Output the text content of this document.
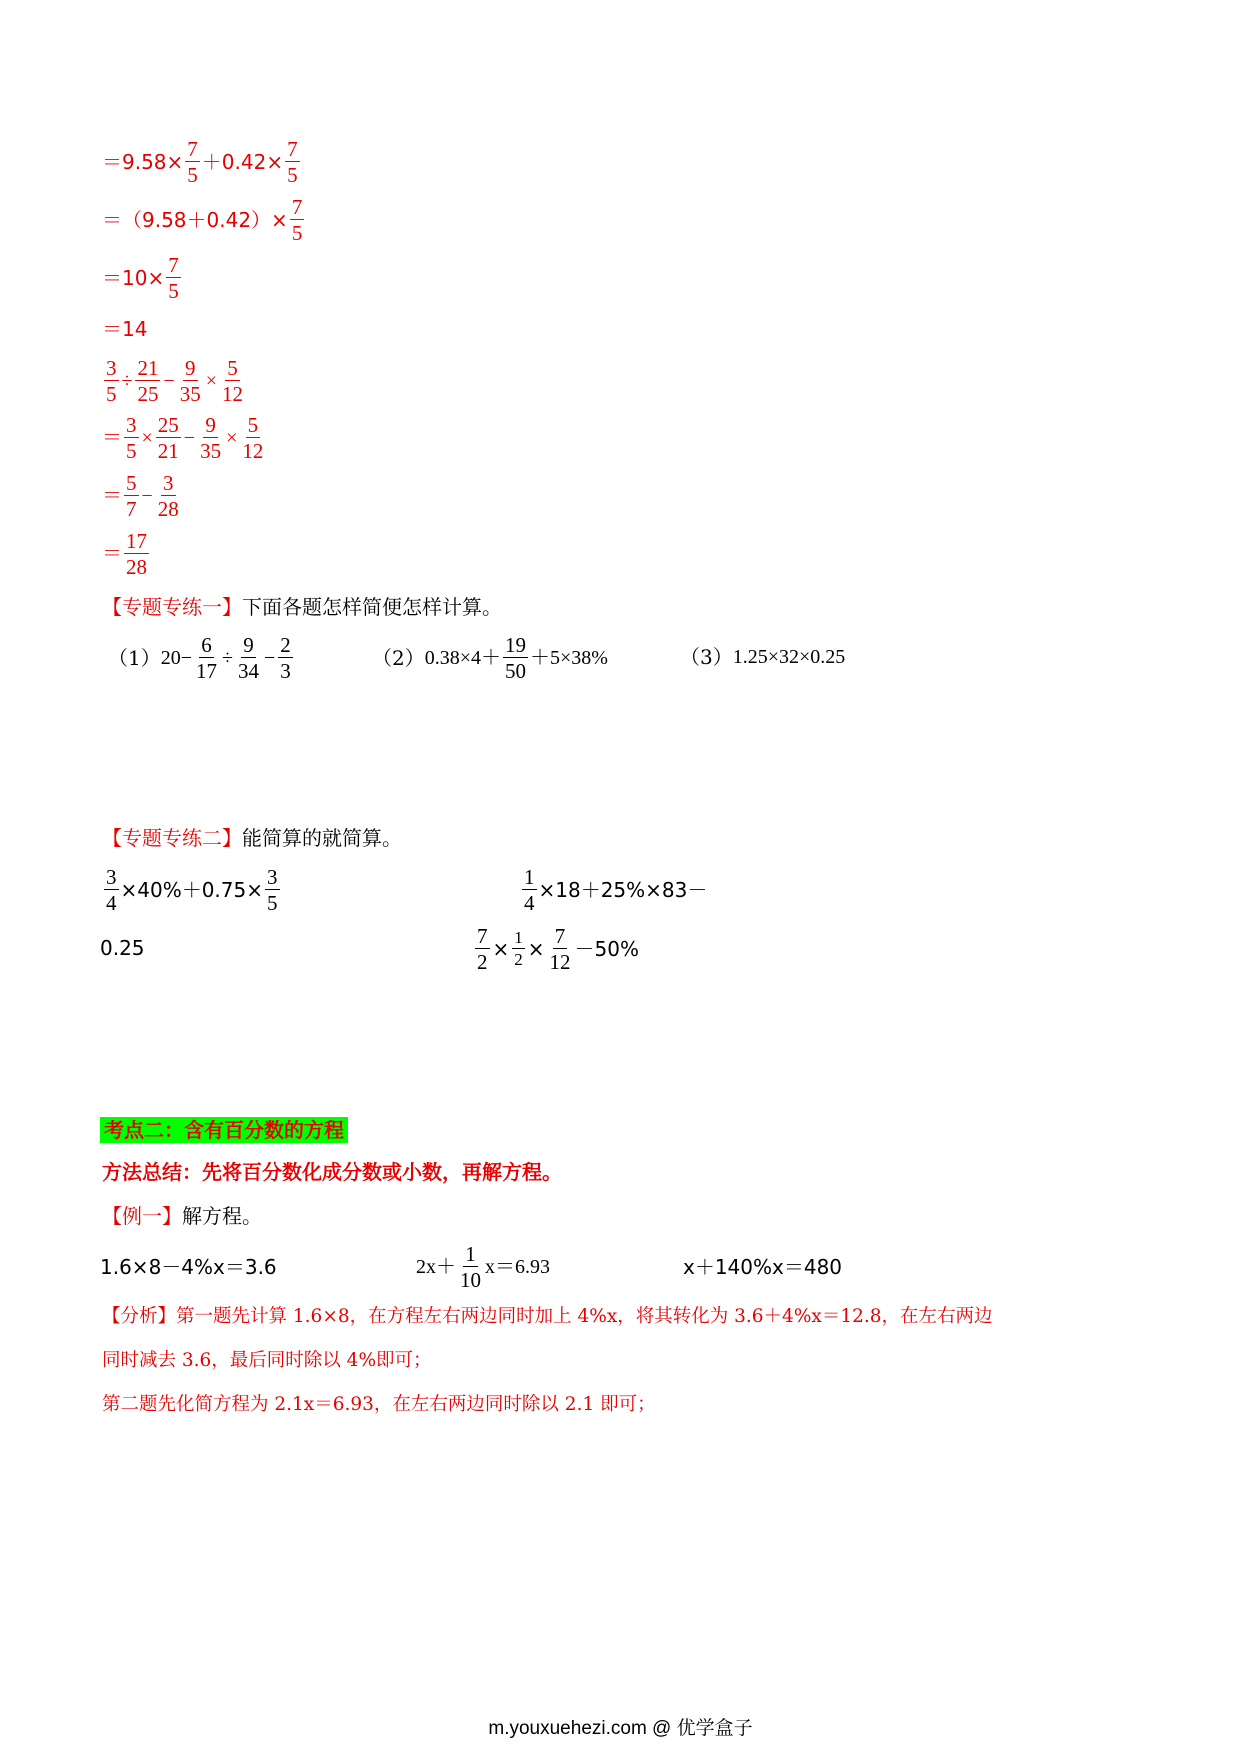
$=9.58\times \frac{7}{5} +0.42\times \frac{7}{5}$
$=(9.58+0.42)\times \frac{7}{5}$
$=10\times \frac{7}{5}$
＝14
$\frac{3}{5} \div \frac{21}{25} - \frac{9}{35} \times \frac{5}{12}$
＝ $\frac{3}{5} \times \frac{25}{21} - \frac{9}{35} \times \frac{5}{12}$
＝ $\frac{5}{7} - \frac{3}{28}$
＝ $\frac{17}{28}$
【专题专练一】 下面各题怎样简便怎样计算。
（1） $20- \frac{6}{17} \div \frac{9}{34} - \frac{2}{3}$	（2） $0.38\times 4+ \frac{19}{50} +5\times 38\%$	（3） 1.25×32×0.25
【专题专练二】 能简算的就简算。
$\frac{3}{4} \times 40\%+0.75\times \frac{3}{5}$	$\frac{1}{4} \times 18+25\%\times 83-$
0.25	$\frac{7}{2} \times \frac{1}{2} \times \frac{7}{12} -50\%$
考点二：含有百分数的方程
方法总结：先将百分数化成分数或小数，再解方程。
【例一】 解方程。
1.6×8－4%x＝3.6	$2x+ \frac{1}{10} x=6.93$	x＋140%x＝480
【分析】 第一题先计算 1.6×8，在方程左右两边同时加上 4%x，将其转化为 3.6＋4%x＝12.8，在左右两边
同时减去 3.6，最后同时除以 4%即可；
第二题先化简方程为 2.1x＝6.93，在左右两边同时除以 2.1 即可；
m.youxuehezi.com @ 优学盒子
